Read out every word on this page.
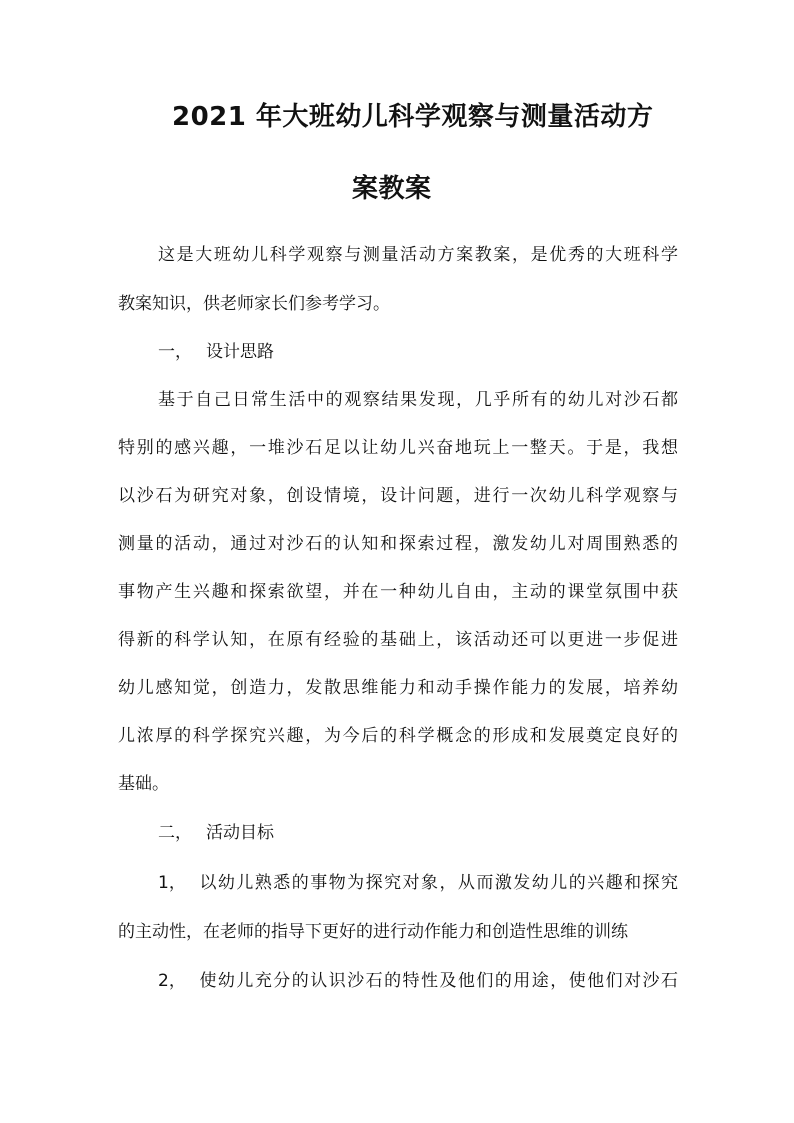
2021 年大班幼儿科学观察与测量活动方
案教案
这是大班幼儿科学观察与测量活动方案教案，是优秀的大班科学
教案知识，供老师家长们参考学习。
一， 设计思路
基于自己日常生活中的观察结果发现，几乎所有的幼儿对沙石都
特别的感兴趣，一堆沙石足以让幼儿兴奋地玩上一整天。于是，我想
以沙石为研究对象，创设情境，设计问题，进行一次幼儿科学观察与
测量的活动，通过对沙石的认知和探索过程，激发幼儿对周围熟悉的
事物产生兴趣和探索欲望，并在一种幼儿自由，主动的课堂氛围中获
得新的科学认知，在原有经验的基础上，该活动还可以更进一步促进
幼儿感知觉，创造力，发散思维能力和动手操作能力的发展，培养幼
儿浓厚的科学探究兴趣，为今后的科学概念的形成和发展奠定良好的
基础。
二， 活动目标
1， 以幼儿熟悉的事物为探究对象，从而激发幼儿的兴趣和探究
的主动性，在老师的指导下更好的进行动作能力和创造性思维的训练
2， 使幼儿充分的认识沙石的特性及他们的用途，使他们对沙石
